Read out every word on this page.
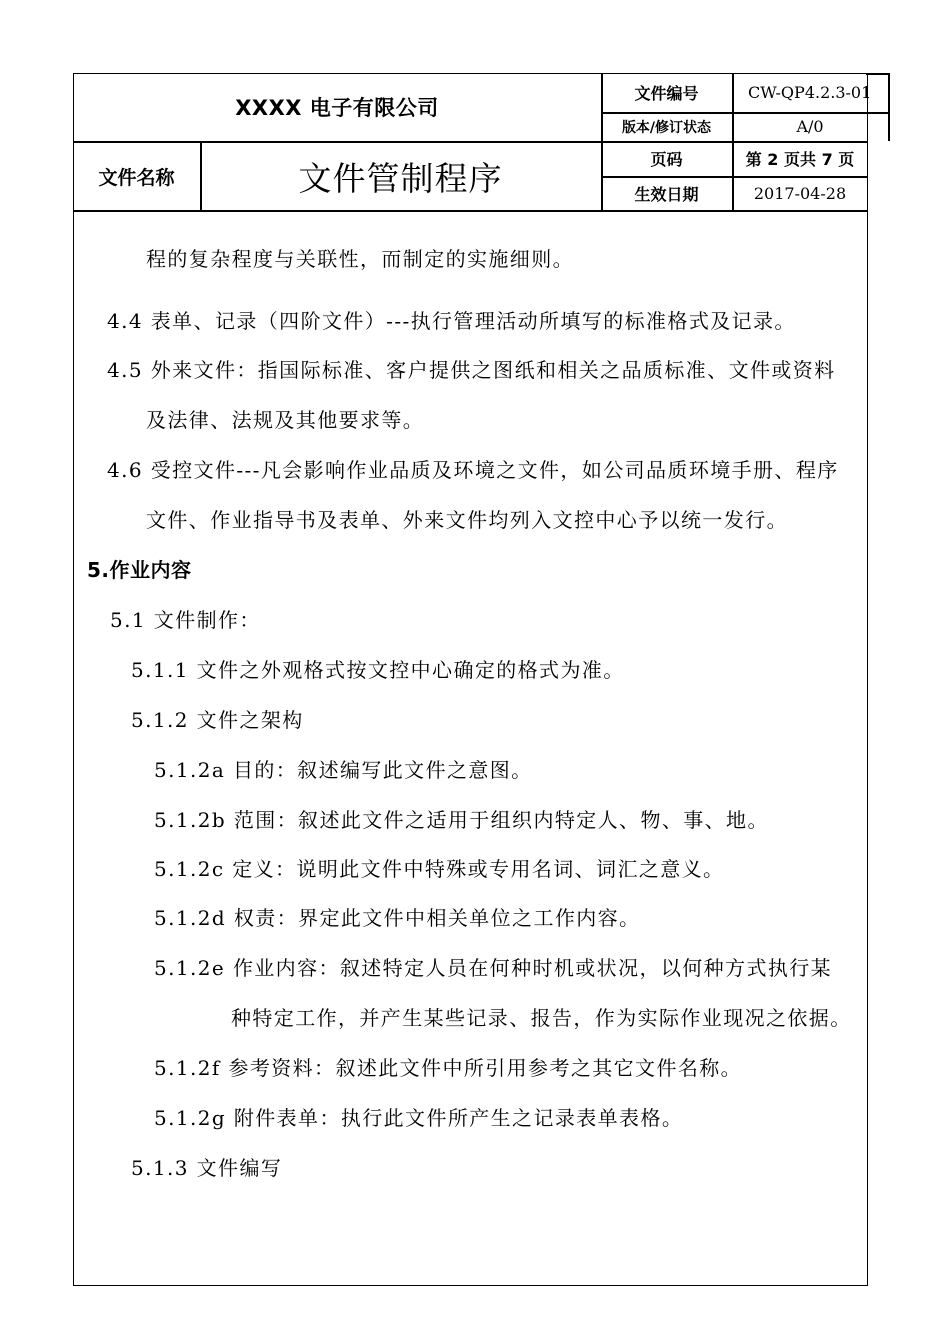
XXXX 电子有限公司
文件名称	文件管制程序
文件编号	CW-QP4.2.3-01
版本/修订状态	A/0
页码	第 2 页共 7 页
生效日期	2017-04-28
程的复杂程度与关联性，而制定的实施细则。
4.4 表单、记录（四阶文件）---执行管理活动所填写的标准格式及记录。
4.5 外来文件：指国际标准、客户提供之图纸和相关之品质标准、文件或资料
及法律、法规及其他要求等。
4.6 受控文件---凡会影响作业品质及环境之文件，如公司品质环境手册、程序
文件、作业指导书及表单、外来文件均列入文控中心予以统一发行。
5.作业内容
5.1 文件制作：
5.1.1 文件之外观格式按文控中心确定的格式为准。
5.1.2 文件之架构
5.1.2a 目的：叙述编写此文件之意图。
5.1.2b 范围：叙述此文件之适用于组织内特定人、物、事、地。
5.1.2c 定义：说明此文件中特殊或专用名词、词汇之意义。
5.1.2d 权责：界定此文件中相关单位之工作内容。
5.1.2e 作业内容：叙述特定人员在何种时机或状况，以何种方式执行某
种特定工作，并产生某些记录、报告，作为实际作业现况之依据。
5.1.2f 参考资料：叙述此文件中所引用参考之其它文件名称。
5.1.2g 附件表单：执行此文件所产生之记录表单表格。
5.1.3 文件编写
